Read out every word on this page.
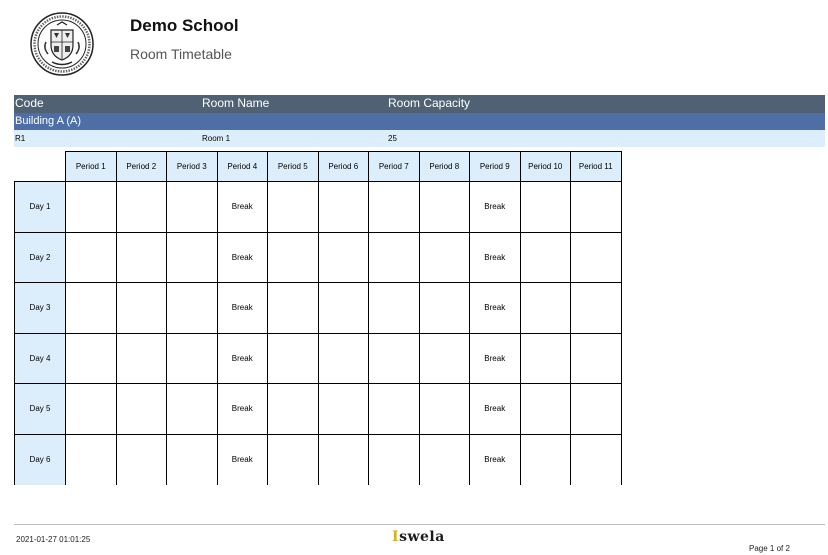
Demo School
Room Timetable
Code	Room Name	Room Capacity
Building A (A)
R1	Room 1	25
	Period 1	Period 2	Period 3	Period 4	Period 5	Period 6	Period 7	Period 8	Period 9	Period 10	Period 11
Day 1				Break					Break		
Day 2				Break					Break		
Day 3				Break					Break		
Day 4				Break					Break		
Day 5				Break					Break		
Day 6				Break					Break		
2021-01-27 01:01:25	Iswela
Page 1 of 2
